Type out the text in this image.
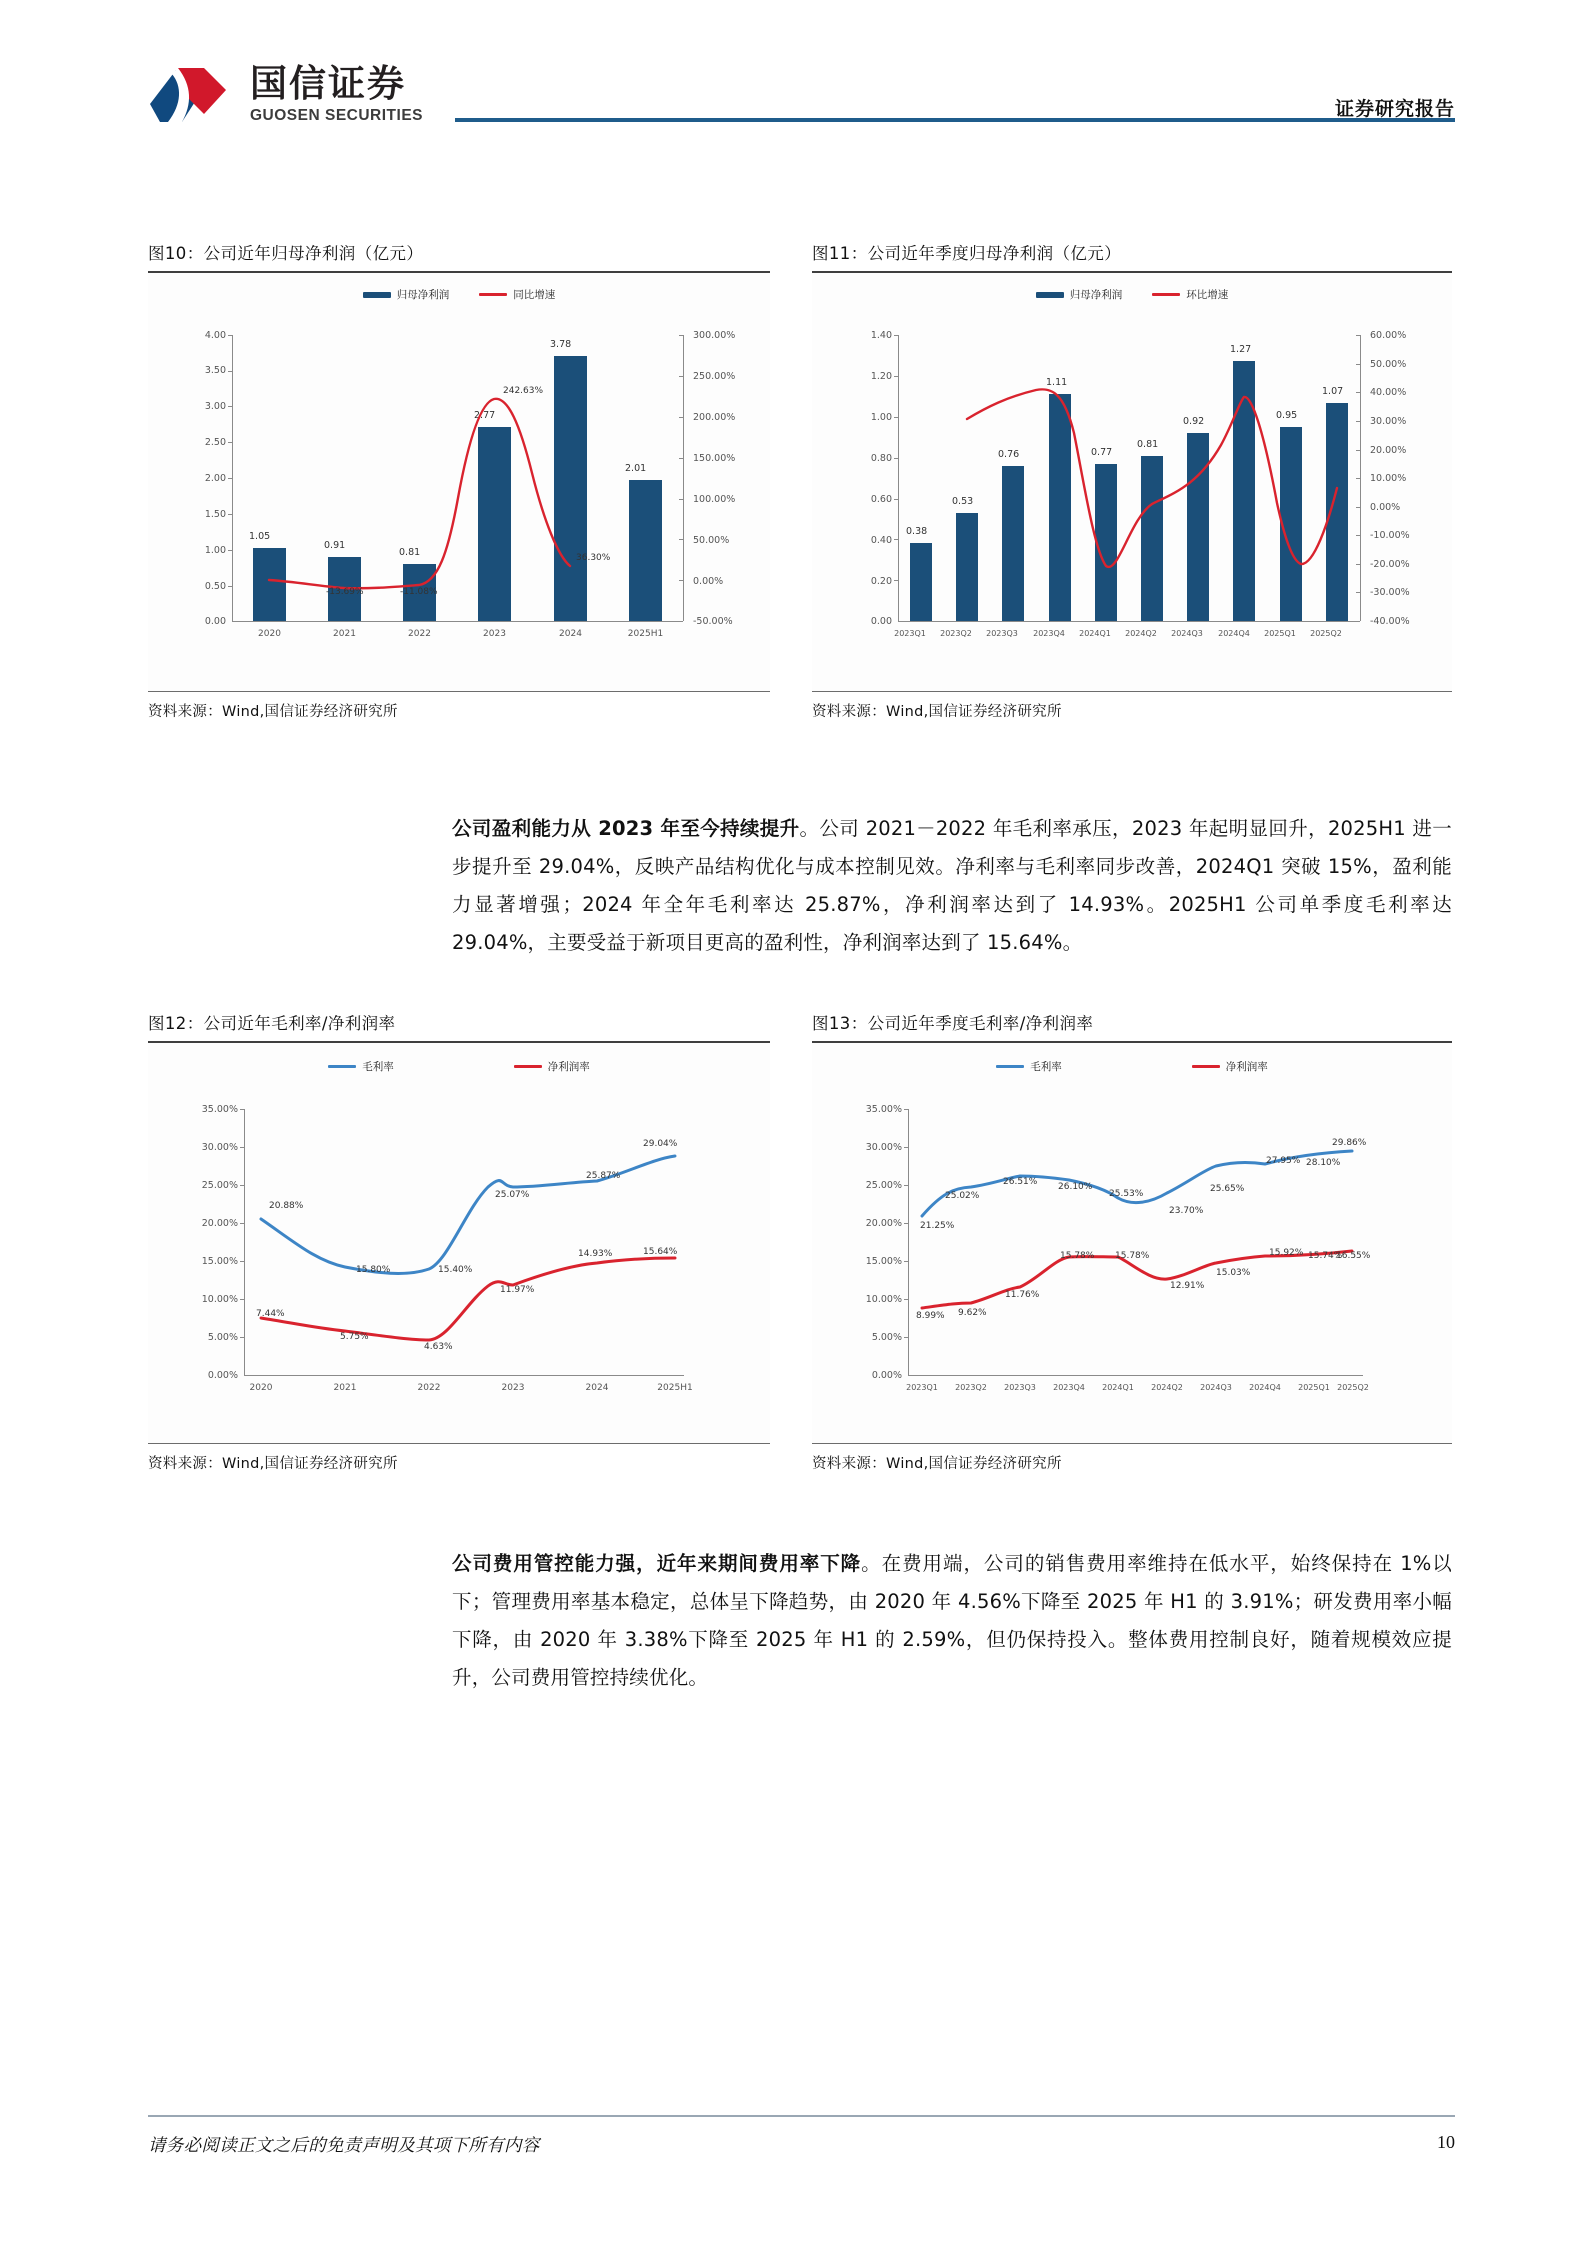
国信证券
GUOSEN SECURITIES	证券研究报告
图10：公司近年归母净利润（亿元）
归母净利润	同比增速
4.00
3.50
3.00
2.50
2.00
1.50
1.00
0.50
0.00
300.00%
250.00%
200.00%
150.00%
100.00%
50.00%
0.00%
-50.00%
1.05
0.91
0.81
2.77
3.78
2.01
-13.69%	-11.08%
242.63%
36.30%
2020	2021	2022	2023	2024	2025H1
资料来源：Wind,国信证券经济研究所
图11：公司近年季度归母净利润（亿元）
归母净利润	环比增速
1.40
1.20
1.00
0.80
0.60
0.40
0.20
0.00
60.00%
50.00%
40.00%
30.00%
20.00%
10.00%
0.00%
-10.00%
-20.00%
-30.00%
-40.00%
0.38
0.53
0.76
1.11
0.77
0.81
0.92
1.27
0.95
1.07
2023Q1	2023Q2	2023Q3	2023Q4	2024Q1	2024Q2	2024Q3	2024Q4	2025Q1	2025Q2
资料来源：Wind,国信证券经济研究所
公司盈利能力从 2023 年至今持续提升。公司 2021－2022 年毛利率承压，2023 年起明显回升，2025H1 进一步提升至 29.04%，反映产品结构优化与成本控制见效。净利率与毛利率同步改善，2024Q1 突破 15%，盈利能力显著增强；2024 年全年毛利率达 25.87%，净利润率达到了 14.93%。2025H1 公司单季度毛利率达 29.04%，主要受益于新项目更高的盈利性，净利润率达到了 15.64%。
图12：公司近年毛利率/净利润率
毛利率	净利润率
35.00%
30.00%
25.00%
20.00%
15.00%
10.00%
5.00%
0.00%
20.88%
15.80%	15.40%
25.07%
25.87%
29.04%
7.44%
5.75%
4.63%
11.97%
14.93%	15.64%
2020	2021	2022	2023	2024	2025H1
资料来源：Wind,国信证券经济研究所
图13：公司近年季度毛利率/净利润率
毛利率	净利润率
35.00%
30.00%
25.00%
20.00%
15.00%
10.00%
5.00%
0.00%
21.25%
25.02%
26.51% 26.10%
25.53%
23.70%
25.65%
27.95% 28.10%
29.86%
8.99% 9.62%
11.76%
15.78% 15.78%
12.91%
15.03%
15.92% 15.74%
16.55%
2023Q1	2023Q2	2023Q3	2023Q4	2024Q1	2024Q2	2024Q3	2024Q4	2025Q1 2025Q2
资料来源：Wind,国信证券经济研究所
公司费用管控能力强，近年来期间费用率下降。在费用端，公司的销售费用率维持在低水平，始终保持在 1%以下；管理费用率基本稳定，总体呈下降趋势，由 2020 年 4.56%下降至 2025 年 H1 的 3.91%；研发费用率小幅下降，由 2020 年 3.38%下降至 2025 年 H1 的 2.59%，但仍保持投入。整体费用控制良好，随着规模效应提升，公司费用管控持续优化。
请务必阅读正文之后的免责声明及其项下所有内容	10
